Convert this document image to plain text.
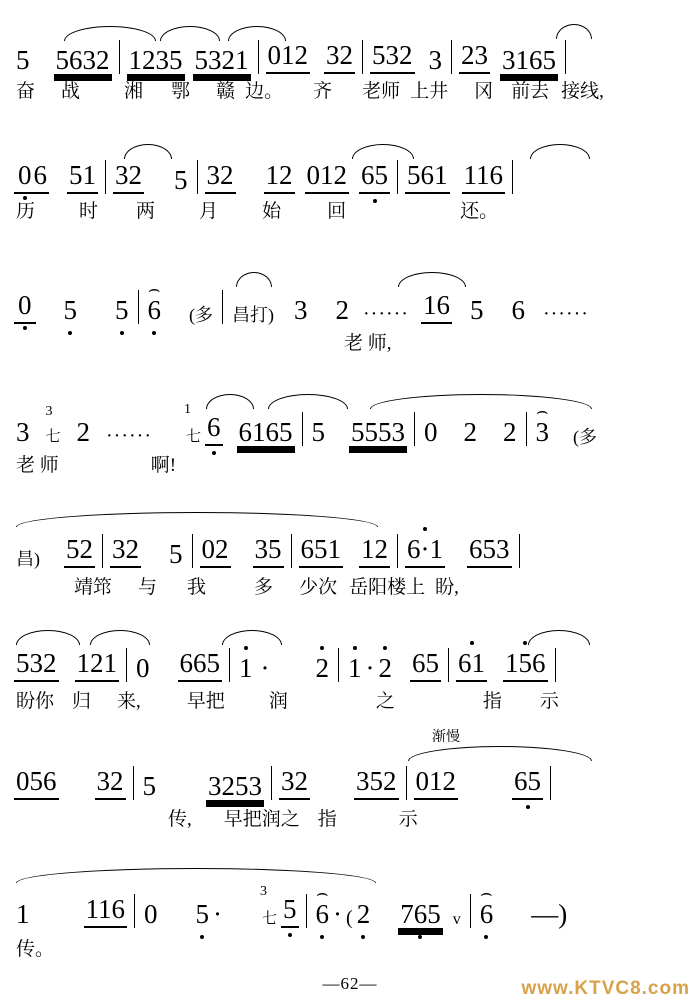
5 5632 1235 5321 012 32 532 3 23 3165
奋 战 湘 鄂 赣 边。 齐 老师 上井 冈 前去 接线,
06 51 32 5 32 12 012 65 561 116
历 时 两 月 始 回	还。
0 5 5 ⌢ 6 (多 昌打) 3 2 ······ 16 5 6 ······
老 师,
3
3
七 2 ······
1
七 6 6165 5 5553 0 2 2 ⌢ 3 (多
老 师	啊!
昌) 52 32 5 02 35 651 12 6·1 653
靖筇 与 我	多 少次 岳阳楼上 盼,
532 121 0 665 1 · 2 1 · 2 65 61 156
盼你 归 来, 早把 润	之	指 示
渐慢
056 32 5 3253 32 352 012 65
传, 早把润之 指	示
1 116 0 5 ·
3
七 5 ⌢ 6 · ( 2 765 v ⌢ 6 —)
传。
—62—	www.KTVC8.com
